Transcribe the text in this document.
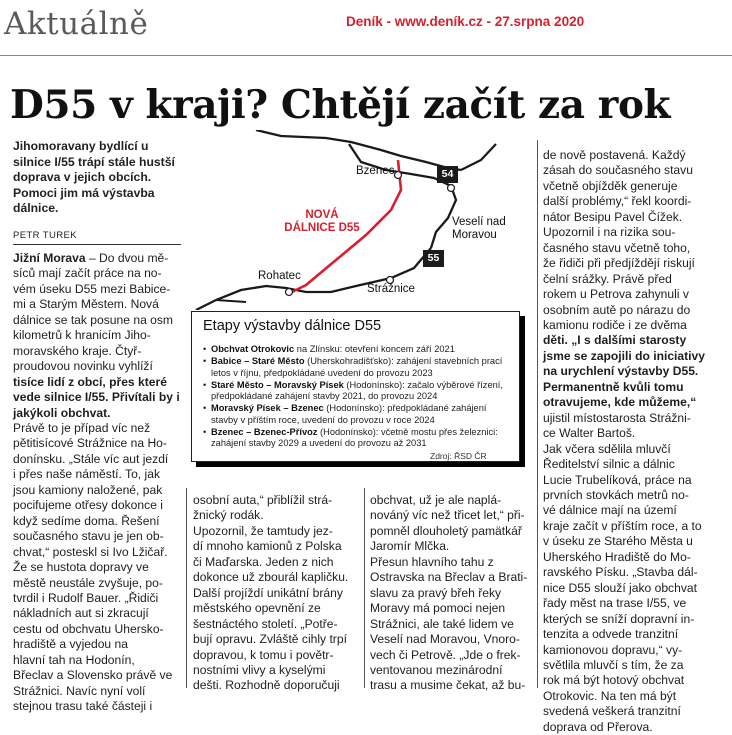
Aktuálně	Deník - www.deník.cz - 27.srpna 2020
D55 v kraji? Chtějí začít za rok
Jihomoravany bydlící u silnice I/55 trápí stále hustší doprava v jejich obcích. Pomoci jim má výstavba dálnice.
PETR TUREK
Jižní Morava – Do dvou mě-
síců mají začít práce na no-
vém úseku D55 mezi Babice-
mi a Starým Městem. Nová
dálnice se tak posune na osm
kilometrů k hranicím Jiho-
moravského kraje. Čtyř-
proudovou novinku vyhlíží
tisíce lidí z obcí, přes které
vede silnice I/55. Přivítali by i
jakýkoli obchvat.
Právě to je případ víc než
pětitisícové Strážnice na Ho-
donínsku. „Stále víc aut jezdí
i přes naše náměstí. To, jak
jsou kamiony naložené, pak
pocifujeme otřesy dokonce i
když sedíme doma. Řešení
současného stavu je jen ob-
chvat,“ posteskl si Ivo Lžičař.
Že se hustota dopravy ve
městě neustále zvyšuje, po-
tvrdil i Rudolf Bauer. „Řidiči
nákladních aut si zkracují
cestu od obchvatu Uhersko-
hradiště a vyjedou na
hlavní tah na Hodonín,
Břeclav a Slovensko právě ve
Strážnici. Navíc nyní volí
stejnou trasu také částeji i
osobní auta,“ přiblížil strá-
žnický rodák.
Upozornil, že tamtudy jez-
dí mnoho kamionů z Polska
či Maďarska. Jeden z nich
dokonce už zbourál kapličku.
Další projíždí unikátní brány
městského opevnění ze
šestnáctého století. „Potře-
bují opravu. Zvláště cihly trpí
dopravou, k tomu i povětr-
nostními vlivy a kyselými
dešti. Rozhodně doporučuji
obchvat, už je ale naplá-
nováný víc než třicet let,“ při-
pomněl dlouholetý pamätkář
Jaromír Mlčka.
Přesun hlavního tahu z
Ostravska na Břeclav a Brati-
slavu za pravý břeh řeky
Moravy má pomoci nejen
Strážnici, ale také lidem ve
Veselí nad Moravou, Vnoro-
vech či Petrově. „Jde o frek-
ventovanou mezinárodní
trasu a musime čekat, až bu-
de nově postavená. Každý
zásah do současného stavu
včetně objížděk generuje
další problémy,“ řekl koordi-
nátor Besipu Pavel Čížek.
Upozornil i na rizika sou-
časného stavu včetně toho,
že řidiči při předjíždějí riskují
čelní srážky. Právě před
rokem u Petrova zahynuli v
osobním autě po nárazu do
kamionu rodiče i ze dvěma
děti. „I s dalšími starosty
jsme se zapojili do iniciativy
na urychlení výstavby D55.
Permanentně kvůli tomu
otravujeme, kde můžeme,“
ujistil místostarosta Strážni-
ce Walter Bartoš.
Jak včera sdělila mluvčí
Ředitelství silnic a dálnic
Lucie Trubelíková, práce na
prvních stovkách metrů no-
vé dálnice mají na území
kraje začít v příštím roce, a to
v úseku ze Starého Města u
Uherského Hradiště do Mo-
ravského Písku. „Stavba dál-
nice D55 slouží jako obchvat
řady měst na trase I/55, ve
kterých se sníží dopravní in-
tenzita a odvede tranzitní
kamionovou dopravu,“ vy-
světlila mluvčí s tím, že za
rok má být hotový obchvat
Otrokovic. Na ten má být
svedená veškerá tranzitní
doprava od Přerova.
Bzenec
Veselí nad Moravou
Rohatec
Strážnice
NOVÁ DÁLNICE D55
54
55
Etapy výstavby dálnice D55
• Obchvat Otrokovic na Zlínsku: otevření koncem září 2021
• Babice – Staré Město (Uherskohradišťsko): zahájení stavebních prací letos v říjnu, předpokládané uvedení do provozu 2023
• Staré Město – Moravský Písek (Hodonínsko): začalo výběrové řízení, předpokládané zahájení stavby 2021, do provozu 2024
• Moravský Písek – Bzenec (Hodonínsko): předpokládané zahájení stavby v příštím roce, uvedení do provozu v roce 2024
• Bzenec – Bzenec-Přívoz (Hodonínsko): včetně mostu přes železnici: zahájení stavby 2029 a uvedení do provozu až 2031
Zdroj: ŘSD ČR
